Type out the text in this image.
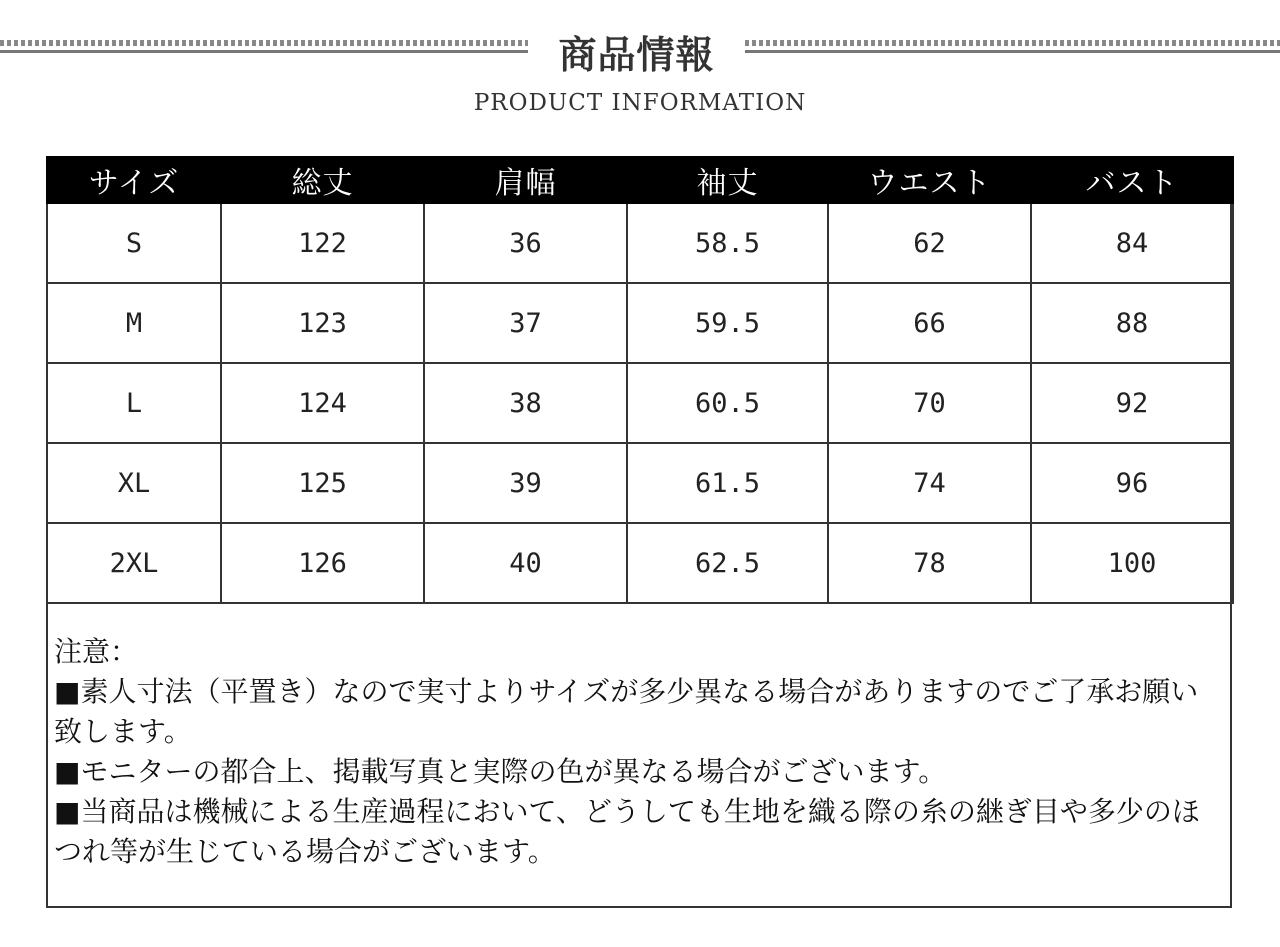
商品情報
PRODUCT INFORMATION
サイズ	総丈	肩幅	袖丈	ウエスト	バスト
S	122	36	58.5	62	84
M	123	37	59.5	66	88
L	124	38	60.5	70	92
XL	125	39	61.5	74	96
2XL	126	40	62.5	78	100

注意：

■素人寸法（平置き）なので実寸よりサイズが多少異なる場合がありますのでご了承お願い致します。

■モニターの都合上、掲載写真と実際の色が異なる場合がございます。

■当商品は機械による生産過程において、どうしても生地を織る際の糸の継ぎ目や多少のほつれ等が生じている場合がございます。
